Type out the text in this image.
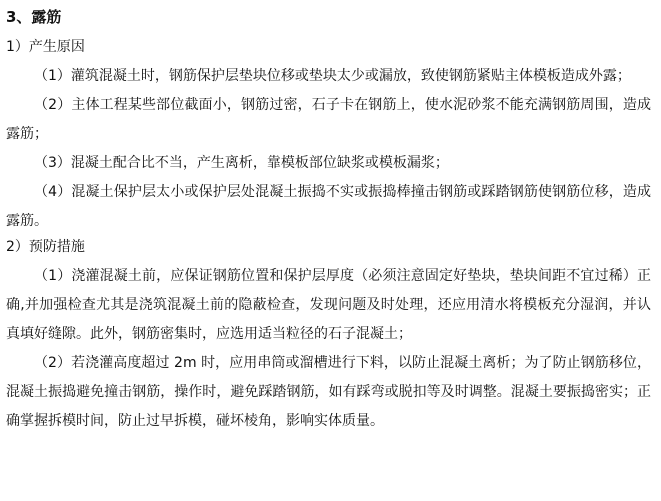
3、露筋
1）产生原因

（1）灌筑混凝土时，钢筋保护层垫块位移或垫块太少或漏放，致使钢筋紧贴主体模板造成外露；

（2）主体工程某些部位截面小，钢筋过密，石子卡在钢筋上，使水泥砂浆不能充满钢筋周围，造成露筋；

（3）混凝土配合比不当，产生离析，靠模板部位缺浆或模板漏浆；

（4）混凝土保护层太小或保护层处混凝土振捣不实或振捣棒撞击钢筋或踩踏钢筋使钢筋位移，造成露筋。

2）预防措施

（1）浇灌混凝土前，应保证钢筋位置和保护层厚度（必须注意固定好垫块，垫块间距不宜过稀）正确,并加强检查尤其是浇筑混凝土前的隐蔽检查，发现问题及时处理，还应用清水将模板充分湿润，并认真填好缝隙。此外，钢筋密集时，应选用适当粒径的石子混凝土；

（2）若浇灌高度超过 2m 时，应用串筒或溜槽进行下料，以防止混凝土离析；为了防止钢筋移位，混凝土振捣避免撞击钢筋，操作时，避免踩踏钢筋，如有踩弯或脱扣等及时调整。混凝土要振捣密实；正确掌握拆模时间，防止过早拆模，碰坏棱角，影响实体质量。
